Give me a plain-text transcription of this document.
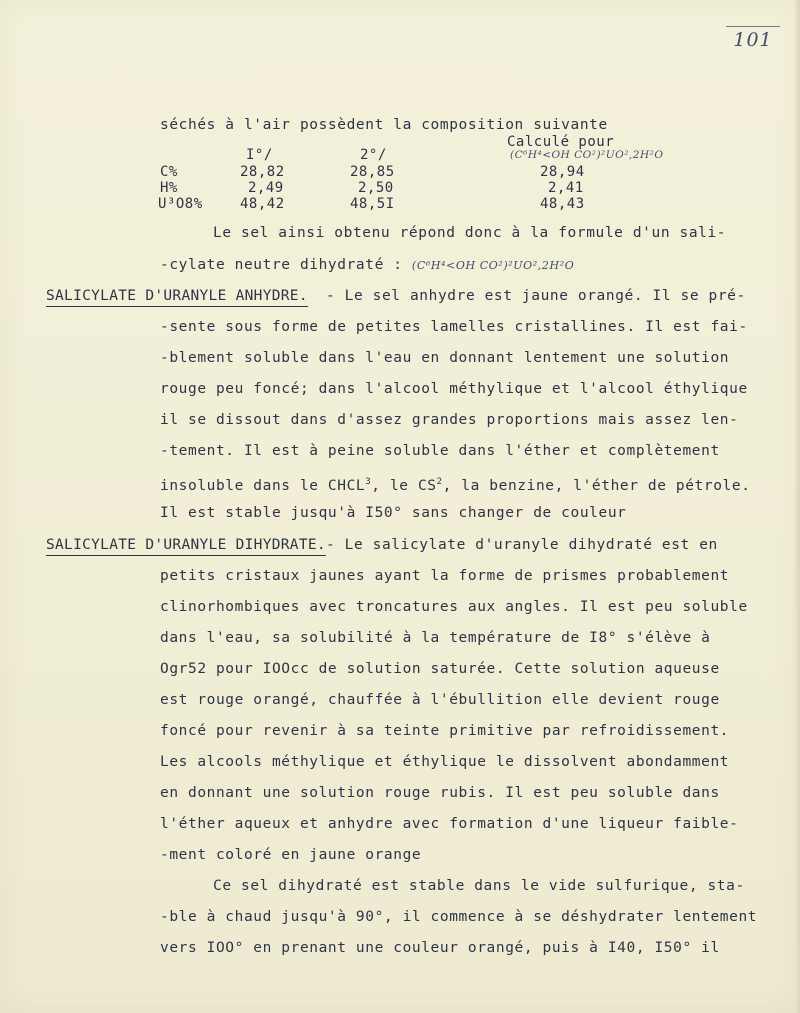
101
séchés à l'air possèdent la composition suivante
Calculé pour
(C⁶H⁴<OH CO²)²UO²,2H²O
I°/	2°/
C%	28,82	28,85	28,94
H%	2,49	2,50	2,41
U³O8%	48,42	48,5I	48,43
Le sel ainsi obtenu répond donc à la formule d'un sali-
-cylate neutre dihydraté : (C⁶H⁴<OH CO²)²UO²,2H²O
SALICYLATE D'URANYLE ANHYDRE. - Le sel anhydre est jaune orangé. Il se pré-
-sente sous forme de petites lamelles cristallines. Il est fai-
-blement soluble dans l'eau en donnant lentement une solution
rouge peu foncé; dans l'alcool méthylique et l'alcool éthylique
il se dissout dans d'assez grandes proportions mais assez len-
-tement. Il est à peine soluble dans l'éther et complètement
insoluble dans le CHCL$^3$, le $CS^2$, la benzine, l'éther de pétrole.
Il est stable jusqu'à I50° sans changer de couleur
SALICYLATE D'URANYLE DIHYDRATE. - Le salicylate d'uranyle dihydraté est en
petits cristaux jaunes ayant la forme de prismes probablement
clinorhombiques avec troncatures aux angles. Il est peu soluble
dans l'eau, sa solubilité à la température de I8° s'élève à
Ogr52 pour IOOcc de solution saturée. Cette solution aqueuse
est rouge orangé, chauffée à l'ébullition elle devient rouge
foncé pour revenir à sa teinte primitive par refroidissement.
Les alcools méthylique et éthylique le dissolvent abondamment
en donnant une solution rouge rubis. Il est peu soluble dans
l'éther aqueux et anhydre avec formation d'une liqueur faible-
-ment coloré en jaune orange
Ce sel dihydraté est stable dans le vide sulfurique, sta-
-ble à chaud jusqu'à 90°, il commence à se déshydrater lentement
vers IOO° en prenant une couleur orangé, puis à I40, I50° il
